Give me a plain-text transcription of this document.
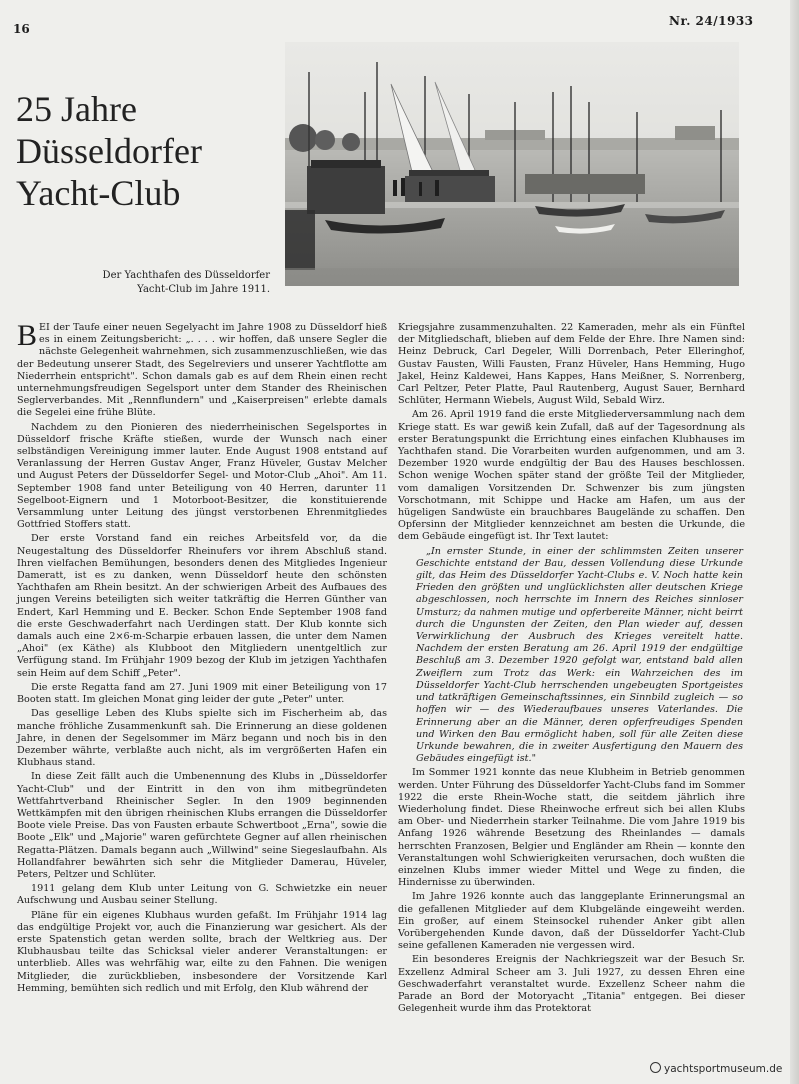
16
Nr. 24/1933
25 Jahre
Düsseldorfer
Yacht-Club
Der Yachthafen des Düsseldorfer
Yacht-Club im Jahre 1911.

BEI der Taufe einer neuen Segelyacht im Jahre 1908 zu Düsseldorf hieß es in einem Zeitungsbericht: „. . . . wir hoffen, daß unsere Segler die nächste Gelegenheit wahrnehmen, sich zusammenzuschließen, wie das der Bedeutung unserer Stadt, des Segelreviers und unserer Yachtflotte am Niederrhein entspricht". Schon damals gab es auf dem Rhein einen recht unternehmungsfreudigen Segelsport unter dem Stander des Rheinischen Seglerverbandes. Mit „Rennflundern" und „Kaiserpreisen" erlebte damals die Segelei eine frühe Blüte.

Nachdem zu den Pionieren des niederrheinischen Segelsportes in Düsseldorf frische Kräfte stießen, wurde der Wunsch nach einer selbständigen Vereinigung immer lauter. Ende August 1908 entstand auf Veranlassung der Herren Gustav Anger, Franz Hüveler, Gustav Melcher und August Peters der Düsseldorfer Segel- und Motor-Club „Ahoi". Am 11. September 1908 fand unter Beteiligung von 40 Herren, darunter 11 Segelboot-Eignern und 1 Motorboot-Besitzer, die konstituierende Versammlung unter Leitung des jüngst verstorbenen Ehrenmitgliedes Gottfried Stoffers statt.

Der erste Vorstand fand ein reiches Arbeitsfeld vor, da die Neugestaltung des Düsseldorfer Rheinufers vor ihrem Abschluß stand. Ihren vielfachen Bemühungen, besonders denen des Mitgliedes Ingenieur Dameratt, ist es zu danken, wenn Düsseldorf heute den schönsten Yachthafen am Rhein besitzt. An der schwierigen Arbeit des Aufbaues des jungen Vereins beteiligten sich weiter tatkräftig die Herren Günther van Endert, Karl Hemming und E. Becker. Schon Ende September 1908 fand die erste Geschwaderfahrt nach Uerdingen statt. Der Klub konnte sich damals auch eine 2×6-m-Scharpie erbauen lassen, die unter dem Namen „Ahoi" (ex Käthe) als Klubboot den Mitgliedern unentgeltlich zur Verfügung stand. Im Frühjahr 1909 bezog der Klub im jetzigen Yachthafen sein Heim auf dem Schiff „Peter".

Die erste Regatta fand am 27. Juni 1909 mit einer Beteiligung von 17 Booten statt. Im gleichen Monat ging leider der gute „Peter" unter.

Das gesellige Leben des Klubs spielte sich im Fischerheim ab, das manche fröhliche Zusammenkunft sah. Die Erinnerung an diese goldenen Jahre, in denen der Segelsommer im März begann und noch bis in den Dezember währte, verblaßte auch nicht, als im vergrößerten Hafen ein Klubhaus stand.

In diese Zeit fällt auch die Umbenennung des Klubs in „Düsseldorfer Yacht-Club" und der Eintritt in den von ihm mitbegründeten Wettfahrtverband Rheinischer Segler. In den 1909 beginnenden Wettkämpfen mit den übrigen rheinischen Klubs errangen die Düsseldorfer Boote viele Preise. Das von Fausten erbaute Schwertboot „Erna", sowie die Boote „Elk" und „Majorie" waren gefürchtete Gegner auf allen rheinischen Regatta-Plätzen. Damals begann auch „Willwind" seine Siegeslaufbahn. Als Hollandfahrer bewährten sich sehr die Mitglieder Damerau, Hüveler, Peters, Peltzer und Schlüter.

1911 gelang dem Klub unter Leitung von G. Schwietzke ein neuer Aufschwung und Ausbau seiner Stellung.

Pläne für ein eigenes Klubhaus wurden gefaßt. Im Frühjahr 1914 lag das endgültige Projekt vor, auch die Finanzierung war gesichert. Als der erste Spatenstich getan werden sollte, brach der Weltkrieg aus. Der Klubhausbau teilte das Schicksal vieler anderer Veranstaltungen: er unterblieb. Alles was wehrfähig war, eilte zu den Fahnen. Die wenigen Mitglieder, die zurückblieben, insbesondere der Vorsitzende Karl Hemming, bemühten sich redlich und mit Erfolg, den Klub während der

Kriegsjahre zusammenzuhalten. 22 Kameraden, mehr als ein Fünftel der Mitgliedschaft, blieben auf dem Felde der Ehre. Ihre Namen sind: Heinz Debruck, Carl Degeler, Willi Dorrenbach, Peter Elleringhof, Gustav Fausten, Willi Fausten, Franz Hüveler, Hans Hemming, Hugo Jakel, Heinz Kaldewei, Hans Kappes, Hans Meißner, S. Norrenberg, Carl Peltzer, Peter Platte, Paul Rautenberg, August Sauer, Bernhard Schlüter, Hermann Wiebels, August Wild, Sebald Wirz.

Am 26. April 1919 fand die erste Mitgliederversammlung nach dem Kriege statt. Es war gewiß kein Zufall, daß auf der Tagesordnung als erster Beratungspunkt die Errichtung eines einfachen Klubhauses im Yachthafen stand. Die Vorarbeiten wurden aufgenommen, und am 3. Dezember 1920 wurde endgültig der Bau des Hauses beschlossen. Schon wenige Wochen später stand der größte Teil der Mitglieder, vom damaligen Vorsitzenden Dr. Schwenzer bis zum jüngsten Vorschotmann, mit Schippe und Hacke am Hafen, um aus der hügeligen Sandwüste ein brauchbares Baugelände zu schaffen. Den Opfersinn der Mitglieder kennzeichnet am besten die Urkunde, die dem Gebäude eingefügt ist. Ihr Text lautet:

„In ernster Stunde, in einer der schlimmsten Zeiten unserer Geschichte entstand der Bau, dessen Vollendung diese Urkunde gilt, das Heim des Düsseldorfer Yacht-Clubs e. V. Noch hatte kein Frieden den größten und unglücklichsten aller deutschen Kriege abgeschlossen, noch herrschte im Innern des Reiches sinnloser Umsturz; da nahmen mutige und opferbereite Männer, nicht beirrt durch die Ungunsten der Zeiten, den Plan wieder auf, dessen Verwirklichung der Ausbruch des Krieges vereitelt hatte. Nachdem der ersten Beratung am 26. April 1919 der endgültige Beschluß am 3. Dezember 1920 gefolgt war, entstand bald allen Zweiflern zum Trotz das Werk: ein Wahrzeichen des im Düsseldorfer Yacht-Club herrschenden ungebeugten Sportgeistes und tatkräftigen Gemeinschaftssinnes, ein Sinnbild zugleich — so hoffen wir — des Wiederaufbaues unseres Vaterlandes. Die Erinnerung aber an die Männer, deren opferfreudiges Spenden und Wirken den Bau ermöglicht haben, soll für alle Zeiten diese Urkunde bewahren, die in zweiter Ausfertigung den Mauern des Gebäudes eingefügt ist."

Im Sommer 1921 konnte das neue Klubheim in Betrieb genommen werden. Unter Führung des Düsseldorfer Yacht-Clubs fand im Sommer 1922 die erste Rhein-Woche statt, die seitdem jährlich ihre Wiederholung findet. Diese Rheinwoche erfreut sich bei allen Klubs am Ober- und Niederrhein starker Teilnahme. Die vom Jahre 1919 bis Anfang 1926 währende Besetzung des Rheinlandes — damals herrschten Franzosen, Belgier und Engländer am Rhein — konnte den Veranstaltungen wohl Schwierigkeiten verursachen, doch wußten die einzelnen Klubs immer wieder Mittel und Wege zu finden, die Hindernisse zu überwinden.

Im Jahre 1926 konnte auch das langgeplante Erinnerungsmal an die gefallenen Mitglieder auf dem Klubgelände eingeweiht werden. Ein großer, auf einem Steinsockel ruhender Anker gibt allen Vorübergehenden Kunde davon, daß der Düsseldorfer Yacht-Club seine gefallenen Kameraden nie vergessen wird.

Ein besonderes Ereignis der Nachkriegszeit war der Besuch Sr. Exzellenz Admiral Scheer am 3. Juli 1927, zu dessen Ehren eine Geschwaderfahrt veranstaltet wurde. Exzellenz Scheer nahm die Parade an Bord der Motoryacht „Titania" entgegen. Bei dieser Gelegenheit wurde ihm das Protektorat

yachtsportmuseum.de
